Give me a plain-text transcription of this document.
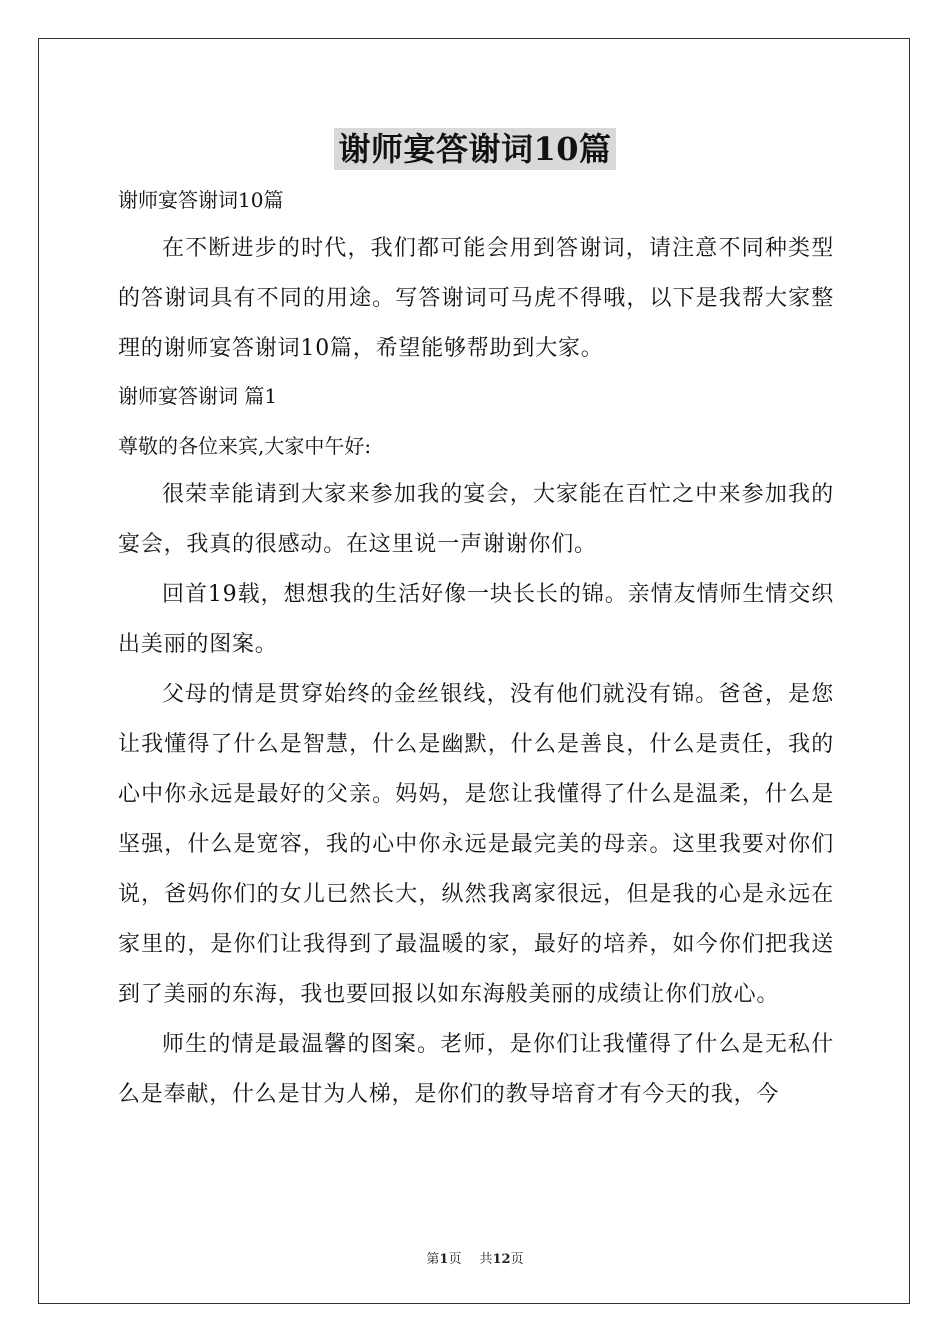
谢师宴答谢词10篇

谢师宴答谢词10篇

在不断进步的时代，我们都可能会用到答谢词，请注意不同种类型的答谢词具有不同的用途。写答谢词可马虎不得哦，以下是我帮大家整理的谢师宴答谢词10篇，希望能够帮助到大家。

谢师宴答谢词 篇1

尊敬的各位来宾,大家中午好:

很荣幸能请到大家来参加我的宴会，大家能在百忙之中来参加我的宴会，我真的很感动。在这里说一声谢谢你们。

回首19载，想想我的生活好像一块长长的锦。亲情友情师生情交织出美丽的图案。

父母的情是贯穿始终的金丝银线，没有他们就没有锦。爸爸，是您让我懂得了什么是智慧，什么是幽默，什么是善良，什么是责任，我的心中你永远是最好的父亲。妈妈，是您让我懂得了什么是温柔，什么是坚强，什么是宽容，我的心中你永远是最完美的母亲。这里我要对你们说，爸妈你们的女儿已然长大，纵然我离家很远，但是我的心是永远在家里的，是你们让我得到了最温暖的家，最好的培养，如今你们把我送到了美丽的东海，我也要回报以如东海般美丽的成绩让你们放心。

师生的情是最温馨的图案。老师，是你们让我懂得了什么是无私什么是奉献，什么是甘为人梯，是你们的教导培育才有今天的我，今

第1页 共12页
